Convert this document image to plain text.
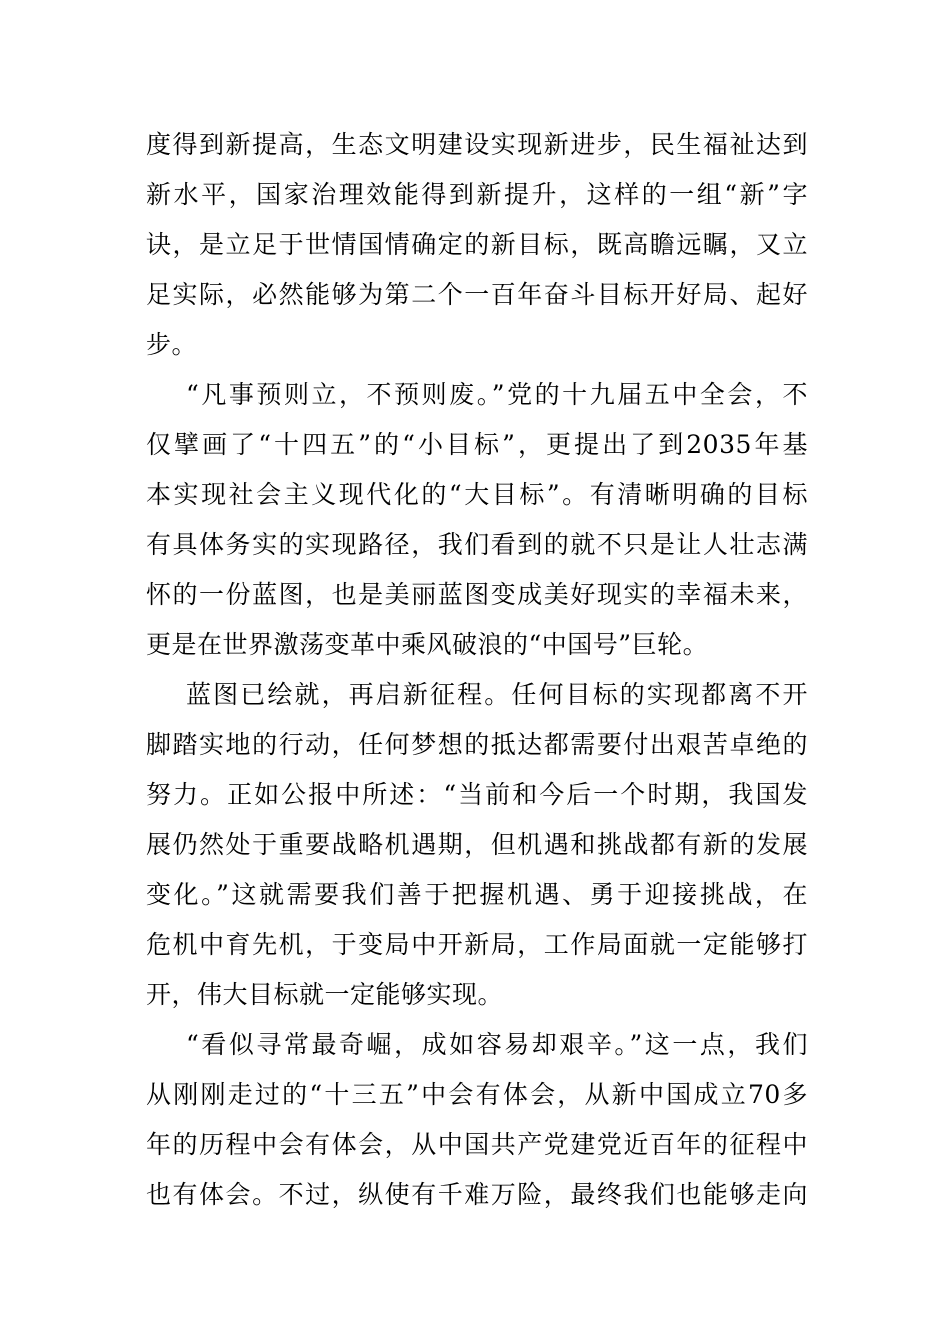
度得到新提高，生态文明建设实现新进步，民生福祉达到
新水平，国家治理效能得到新提升，这样的一组“新”字
诀，是立足于世情国情确定的新目标，既高瞻远瞩，又立
足实际，必然能够为第二个一百年奋斗目标开好局、起好
步。
“凡事预则立，不预则废。”党的十九届五中全会，不
仅擘画了“十四五”的“小目标”，更提出了到2035年基
本实现社会主义现代化的“大目标”。有清晰明确的目标
有具体务实的实现路径，我们看到的就不只是让人壮志满
怀的一份蓝图，也是美丽蓝图变成美好现实的幸福未来，
更是在世界激荡变革中乘风破浪的“中国号”巨轮。
蓝图已绘就，再启新征程。任何目标的实现都离不开
脚踏实地的行动，任何梦想的抵达都需要付出艰苦卓绝的
努力。正如公报中所述：“当前和今后一个时期，我国发
展仍然处于重要战略机遇期，但机遇和挑战都有新的发展
变化。”这就需要我们善于把握机遇、勇于迎接挑战，在
危机中育先机，于变局中开新局，工作局面就一定能够打
开，伟大目标就一定能够实现。
“看似寻常最奇崛，成如容易却艰辛。”这一点，我们
从刚刚走过的“十三五”中会有体会，从新中国成立70多
年的历程中会有体会，从中国共产党建党近百年的征程中
也有体会。不过，纵使有千难万险，最终我们也能够走向
